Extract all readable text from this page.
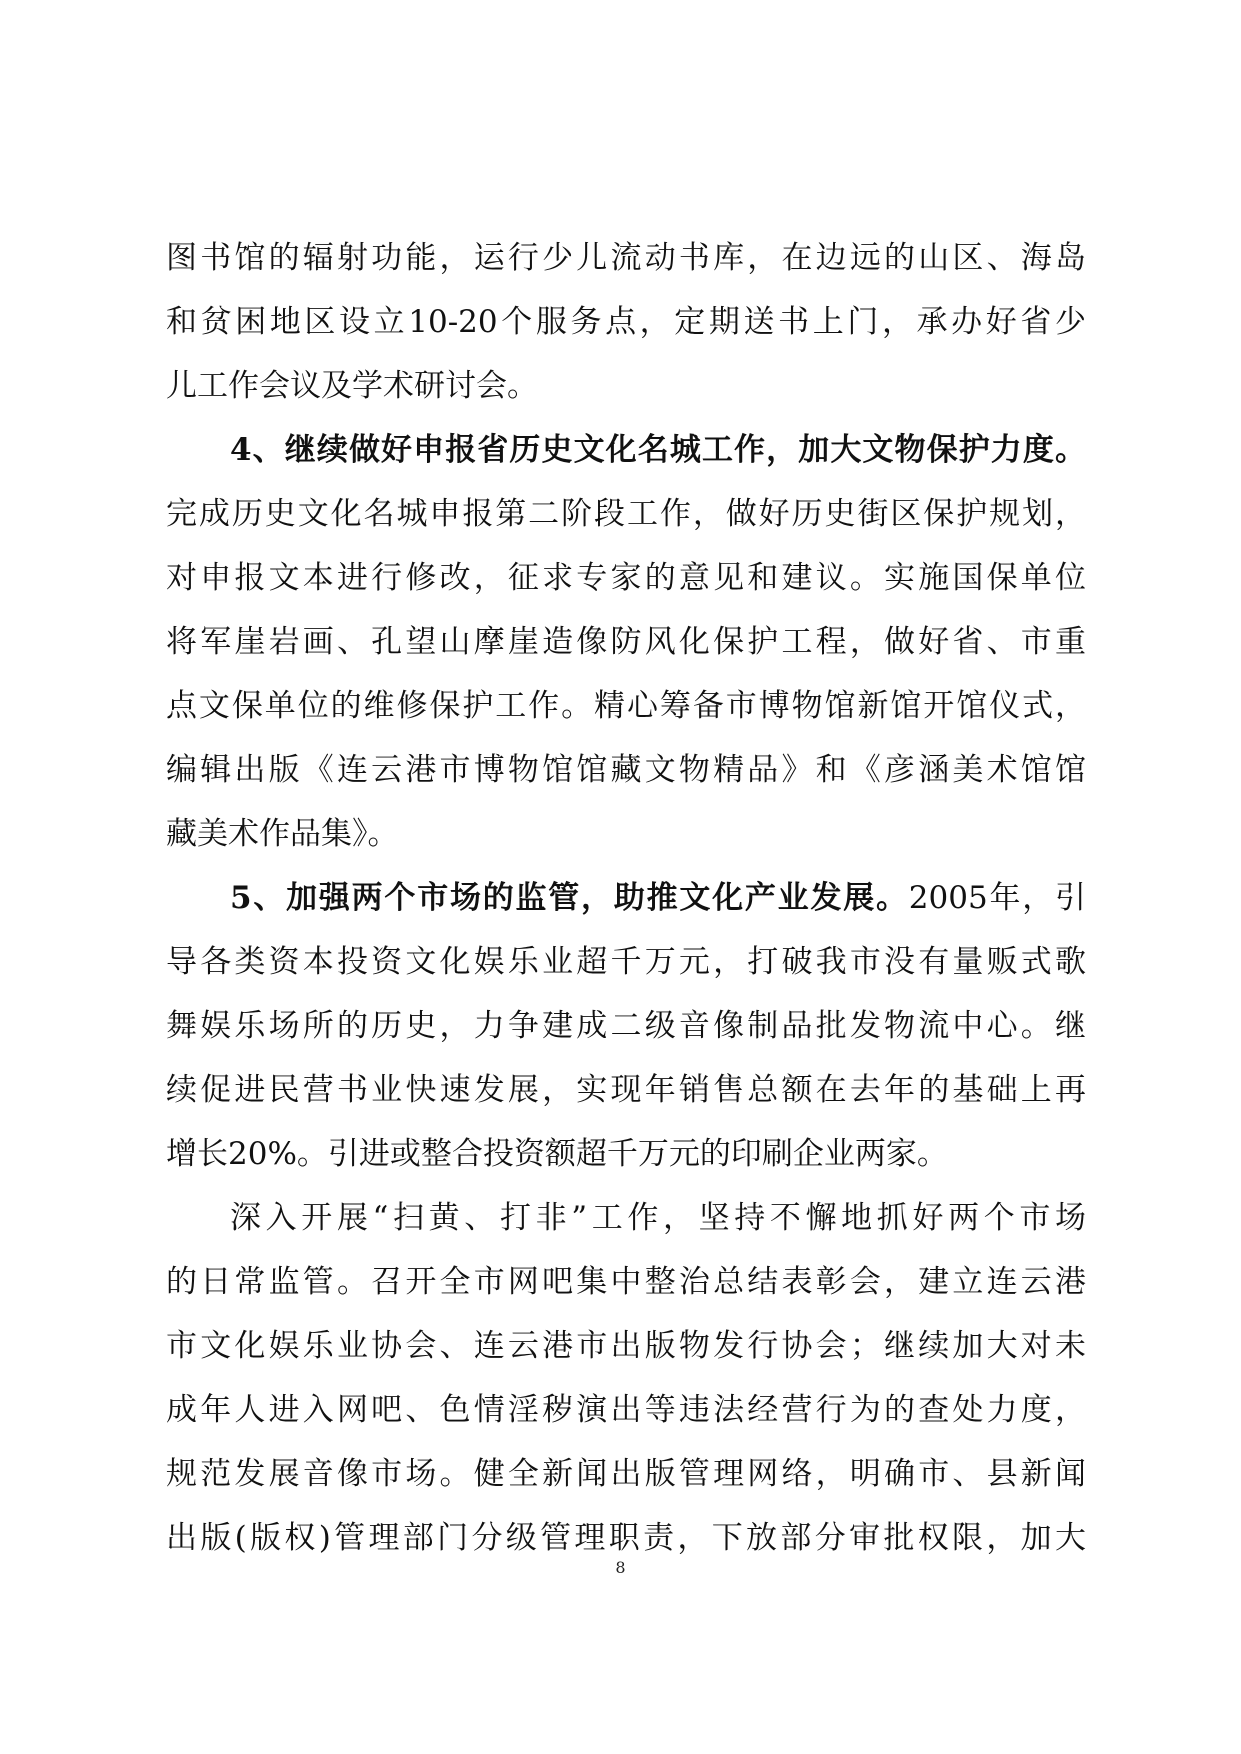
图书馆的辐射功能，运行少儿流动书库，在边远的山区、海岛
和贫困地区设立10-20个服务点，定期送书上门，承办好省少
儿工作会议及学术研讨会。
4、继续做好申报省历史文化名城工作，加大文物保护力度。
完成历史文化名城申报第二阶段工作，做好历史街区保护规划，
对申报文本进行修改，征求专家的意见和建议。实施国保单位
将军崖岩画、孔望山摩崖造像防风化保护工程，做好省、市重
点文保单位的维修保护工作。精心筹备市博物馆新馆开馆仪式，
编辑出版《连云港市博物馆馆藏文物精品》和《彦涵美术馆馆
藏美术作品集》。
5、加强两个市场的监管，助推文化产业发展。2005年，引
导各类资本投资文化娱乐业超千万元，打破我市没有量贩式歌
舞娱乐场所的历史，力争建成二级音像制品批发物流中心。继
续促进民营书业快速发展，实现年销售总额在去年的基础上再
增长20%。引进或整合投资额超千万元的印刷企业两家。
深入开展“扫黄、打非”工作，坚持不懈地抓好两个市场
的日常监管。召开全市网吧集中整治总结表彰会，建立连云港
市文化娱乐业协会、连云港市出版物发行协会；继续加大对未
成年人进入网吧、色情淫秽演出等违法经营行为的查处力度，
规范发展音像市场。健全新闻出版管理网络，明确市、县新闻
出版(版权)管理部门分级管理职责，下放部分审批权限，加大
8
